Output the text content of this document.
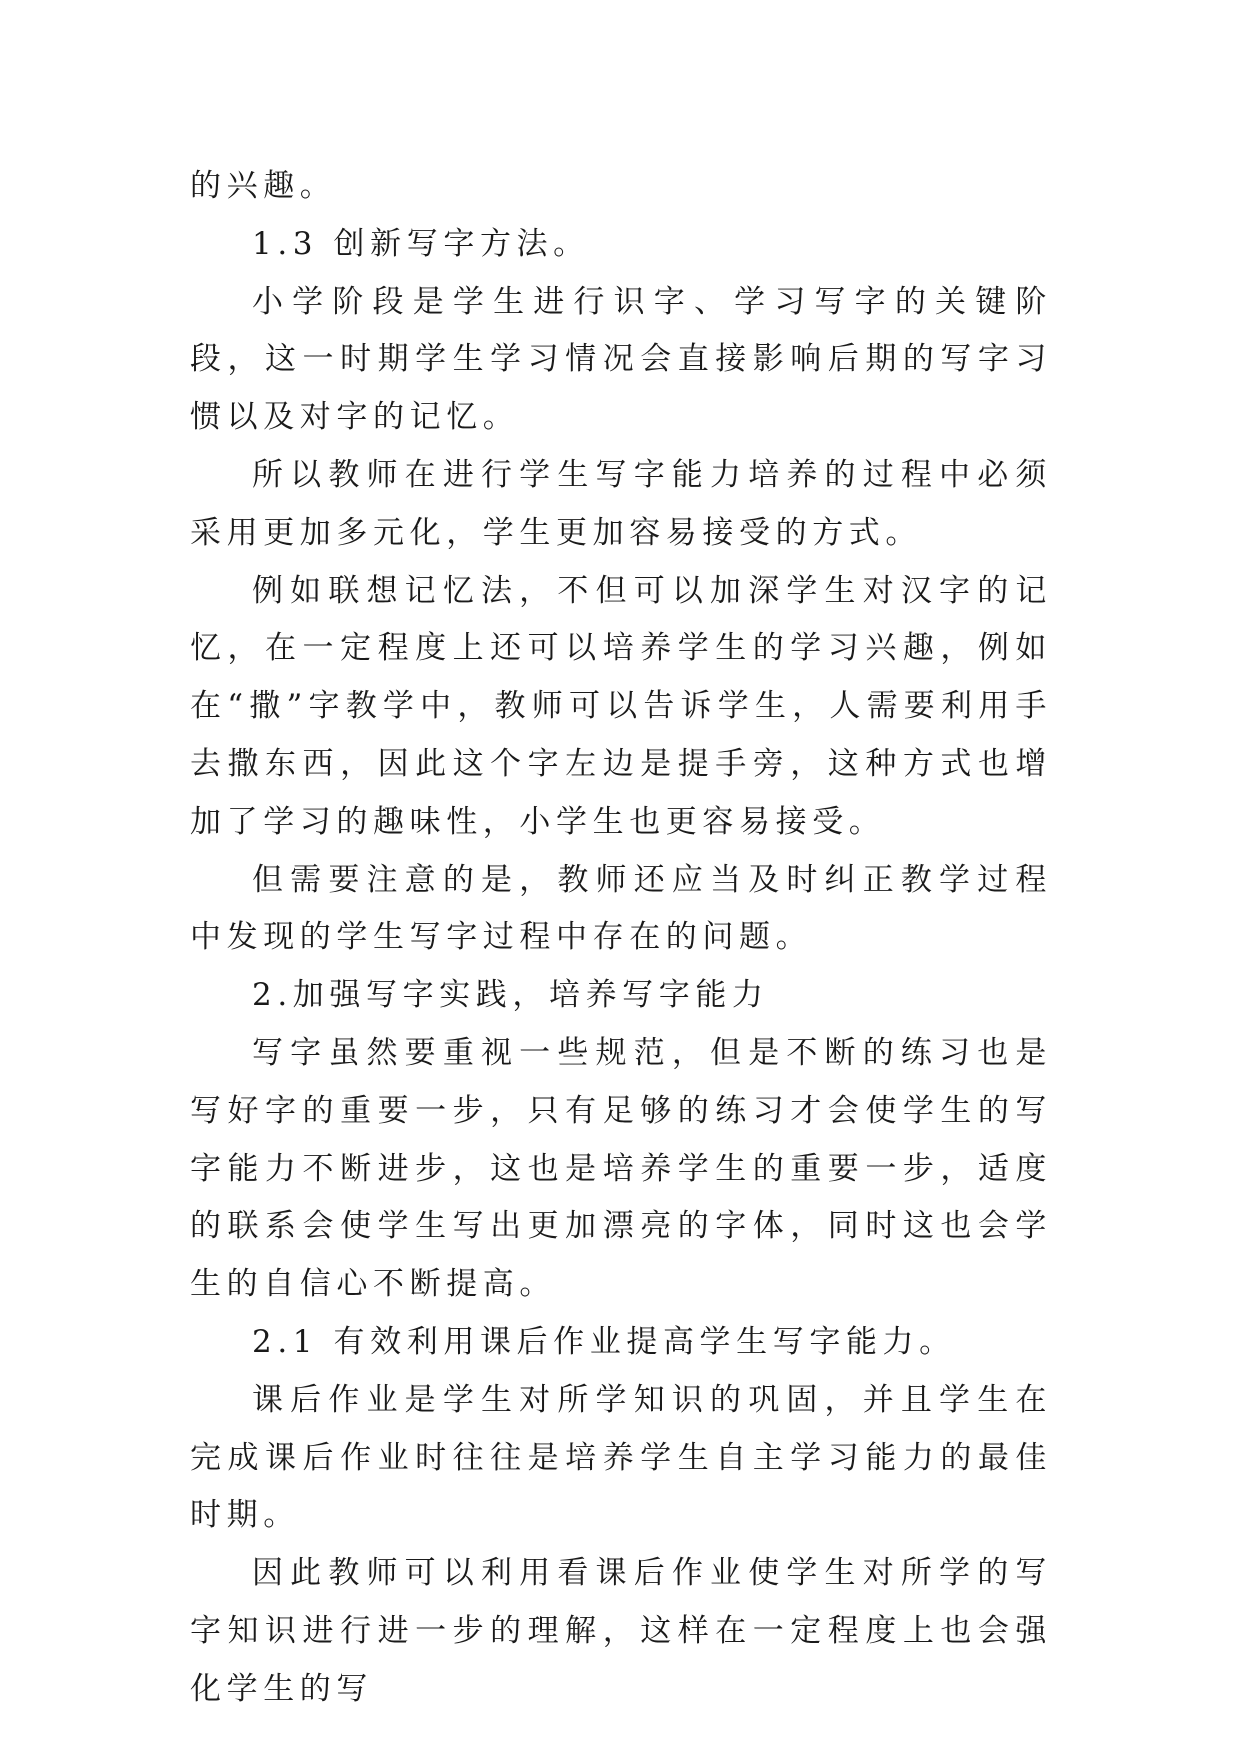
的兴趣。

1.3 创新写字方法。

小学阶段是学生进行识字、学习写字的关键阶段，这一时期学生学习情况会直接影响后期的写字习惯以及对字的记忆。

所以教师在进行学生写字能力培养的过程中必须采用更加多元化，学生更加容易接受的方式。

例如联想记忆法，不但可以加深学生对汉字的记忆，在一定程度上还可以培养学生的学习兴趣，例如在“撒”字教学中，教师可以告诉学生，人需要利用手去撒东西，因此这个字左边是提手旁，这种方式也增加了学习的趣味性，小学生也更容易接受。

但需要注意的是，教师还应当及时纠正教学过程中发现的学生写字过程中存在的问题。

2.加强写字实践，培养写字能力

写字虽然要重视一些规范，但是不断的练习也是写好字的重要一步，只有足够的练习才会使学生的写字能力不断进步，这也是培养学生的重要一步，适度的联系会使学生写出更加漂亮的字体，同时这也会学生的自信心不断提高。

2.1 有效利用课后作业提高学生写字能力。

课后作业是学生对所学知识的巩固，并且学生在完成课后作业时往往是培养学生自主学习能力的最佳时期。

因此教师可以利用看课后作业使学生对所学的写字知识进行进一步的理解，这样在一定程度上也会强化学生的写
